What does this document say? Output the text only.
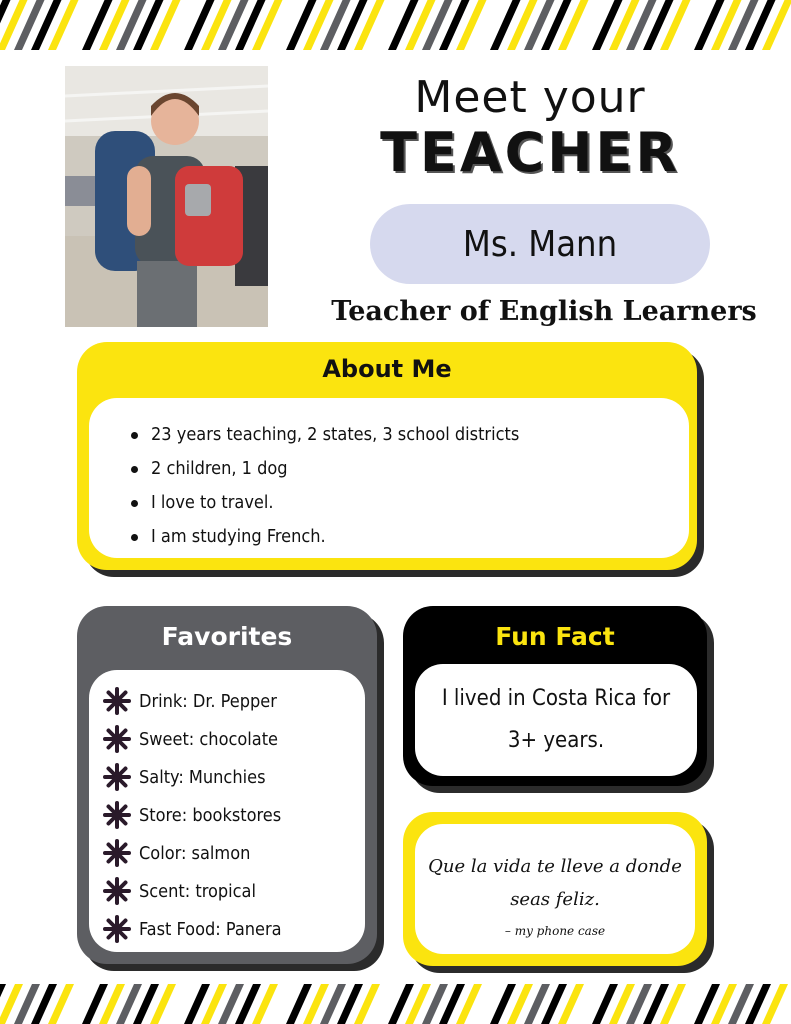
Meet your
TEACHER
Ms. Mann
Teacher of English Learners
About Me
23 years teaching, 2 states, 3 school districts
2 children, 1 dog
I love to travel.
I am studying French.
Favorites
Drink: Dr. Pepper
Sweet: chocolate
Salty: Munchies
Store: bookstores
Color: salmon
Scent: tropical
Fast Food: Panera
Fun Fact
I lived in Costa Rica for 3+ years.
Que la vida te lleve a donde seas feliz.
– my phone case
